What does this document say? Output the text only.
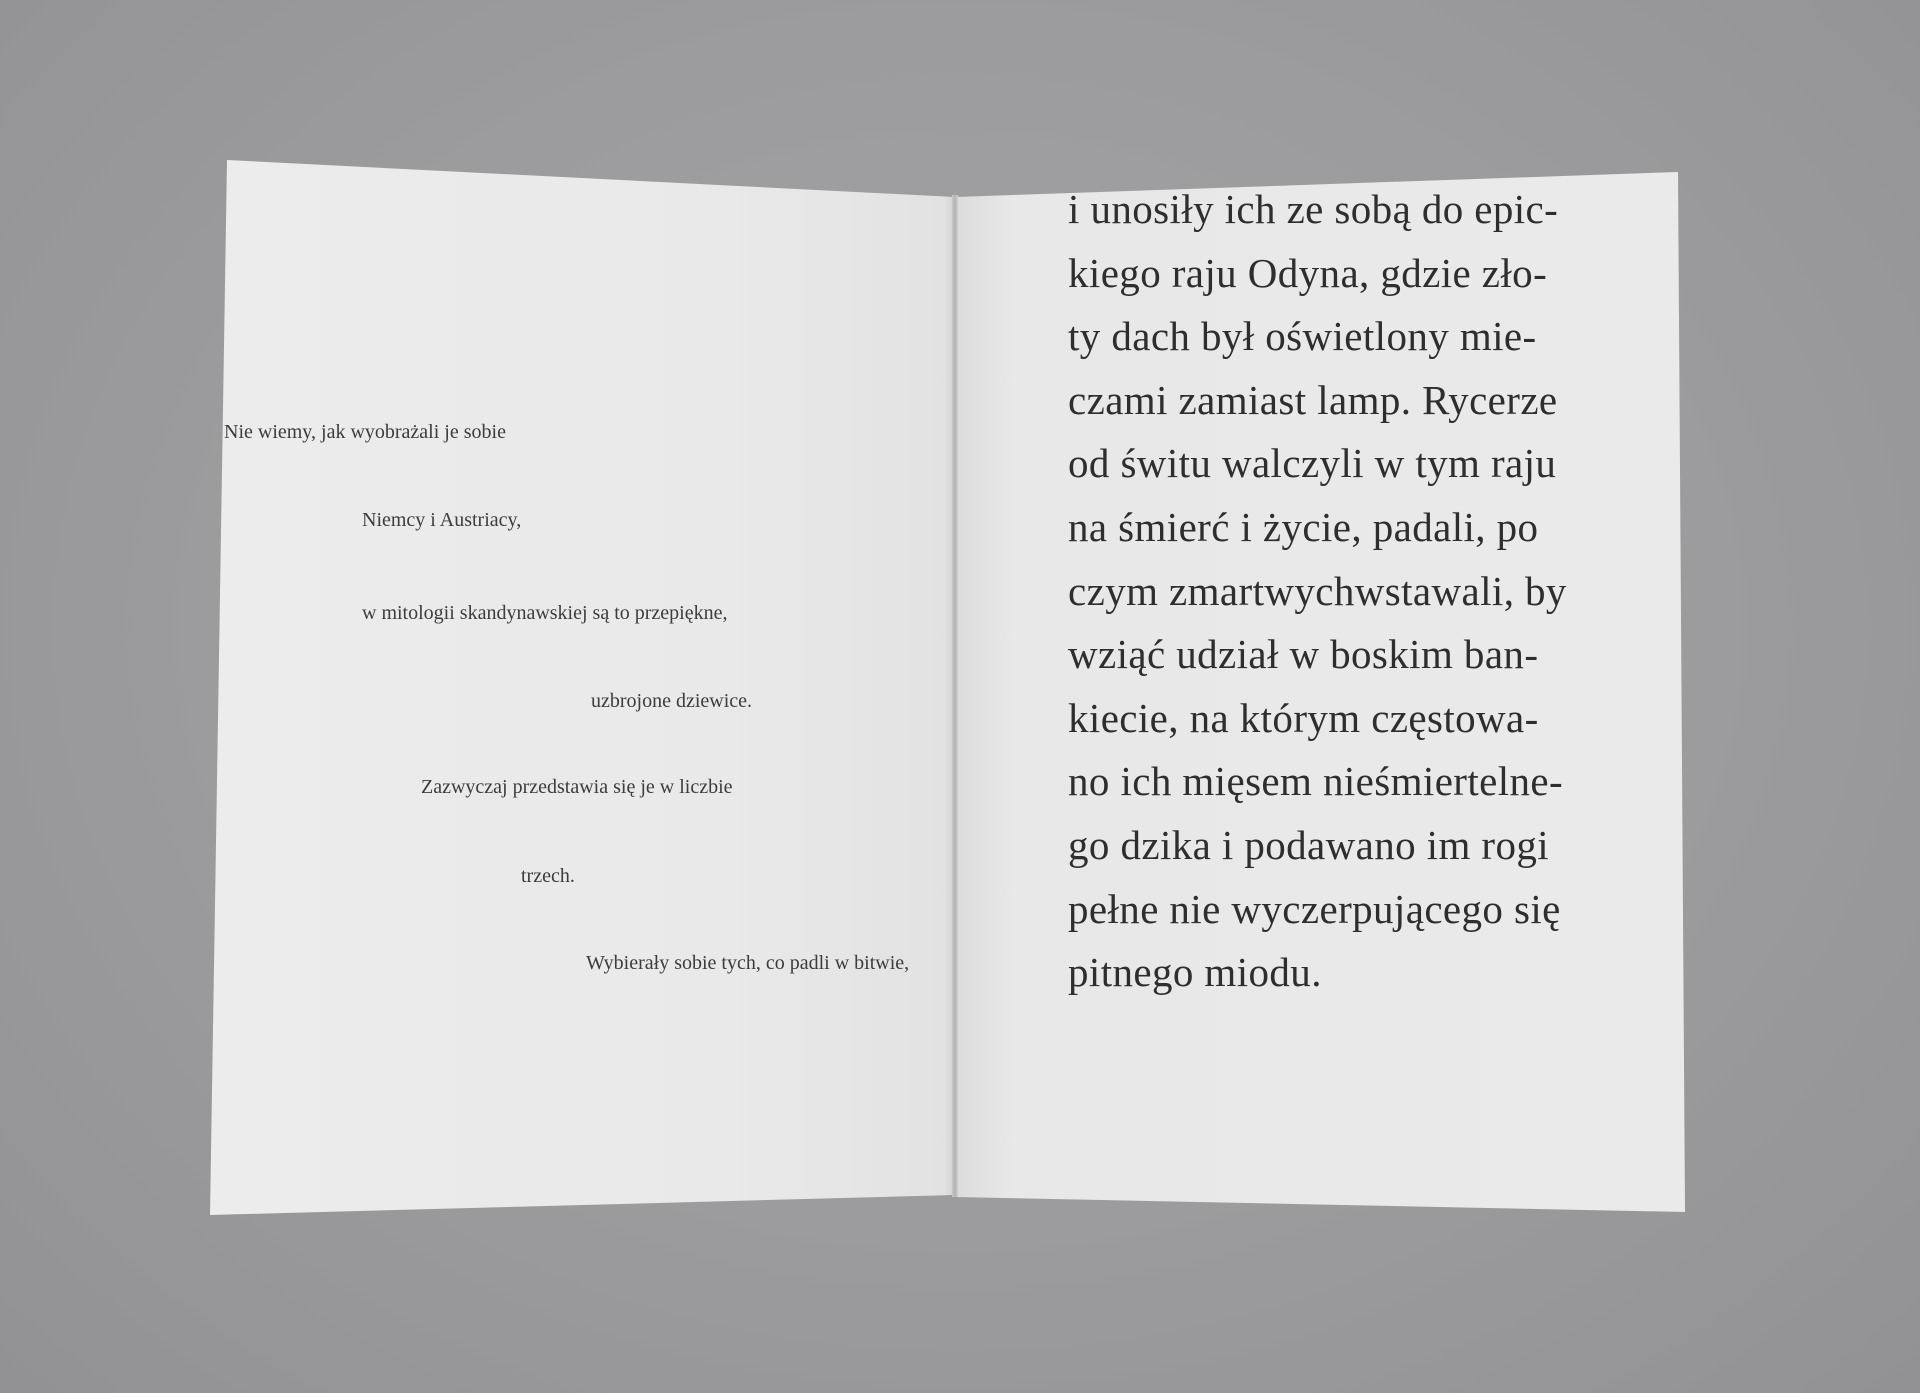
Nie wiemy, jak wyobrażali je sobie
Niemcy i Austriacy,
w mitologii skandynawskiej są to przepiękne,
uzbrojone dziewice.
Zazwyczaj przedstawia się je w liczbie
trzech.
Wybierały sobie tych, co padli w bitwie,
i unosiły ich ze sobą do epic-
kiego raju Odyna, gdzie zło-
ty dach był oświetlony mie-
czami zamiast lamp. Rycerze
od świtu walczyli w tym raju
na śmierć i życie, padali, po
czym zmartwychwstawali, by
wziąć udział w boskim ban-
kiecie, na którym częstowa-
no ich mięsem nieśmiertelne-
go dzika i podawano im rogi
pełne nie wyczerpującego się
pitnego miodu.
